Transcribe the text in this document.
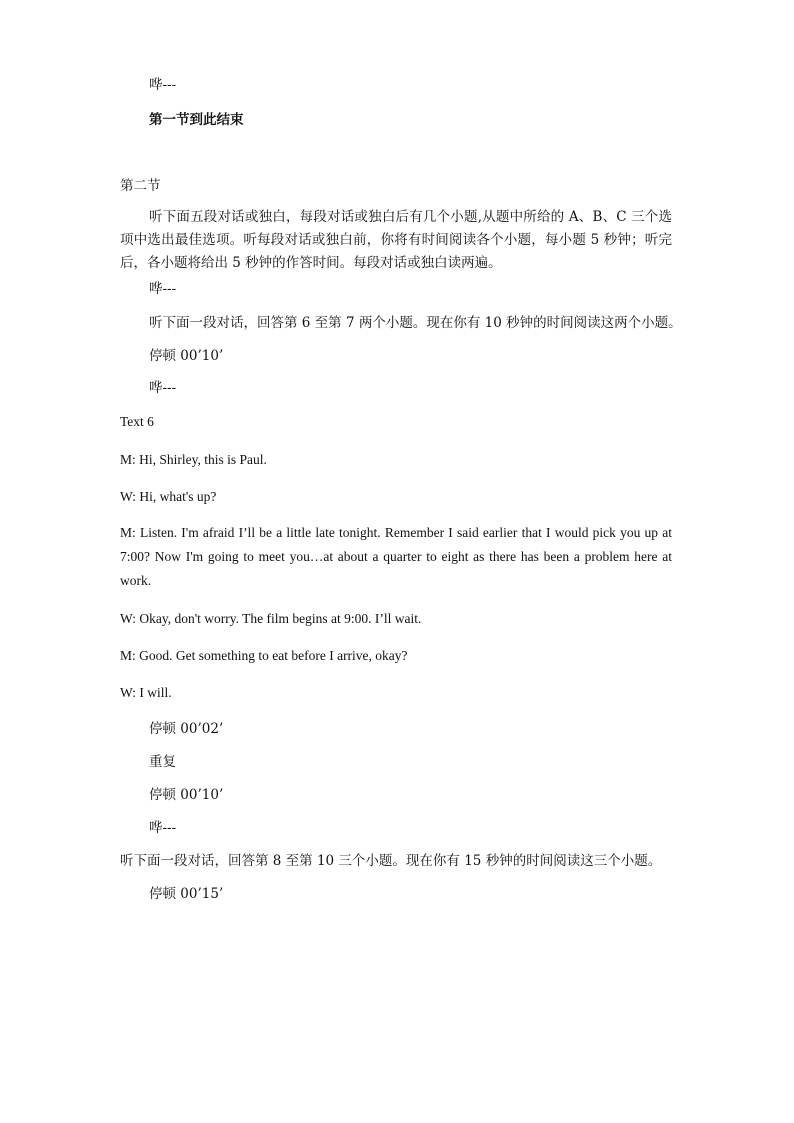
哗---

第一节到此结束

第二节

听下面五段对话或独白，每段对话或独白后有几个小题,从题中所给的 A、B、C 三个选项中选出最佳选项。听每段对话或独白前，你将有时间阅读各个小题，每小题 5 秒钟；听完后，各小题将给出 5 秒钟的作答时间。每段对话或独白读两遍。

哗---

听下面一段对话，回答第 6 至第 7 两个小题。现在你有 10 秒钟的时间阅读这两个小题。

停顿 00’10’

哗---

Text 6

M: Hi, Shirley, this is Paul.

W: Hi, what's up?

M: Listen. I'm afraid I’ll be a little late tonight. Remember I said earlier that I would pick you up at 7:00? Now I'm going to meet you…at about a quarter to eight as there has been a problem here at work.

W: Okay, don't worry. The film begins at 9:00. I’ll wait.

M: Good. Get something to eat before I arrive, okay?

W: I will.

停顿 00’02’

重复

停顿 00’10’

哗---

听下面一段对话，回答第 8 至第 10 三个小题。现在你有 15 秒钟的时间阅读这三个小题。

停顿 00’15’
